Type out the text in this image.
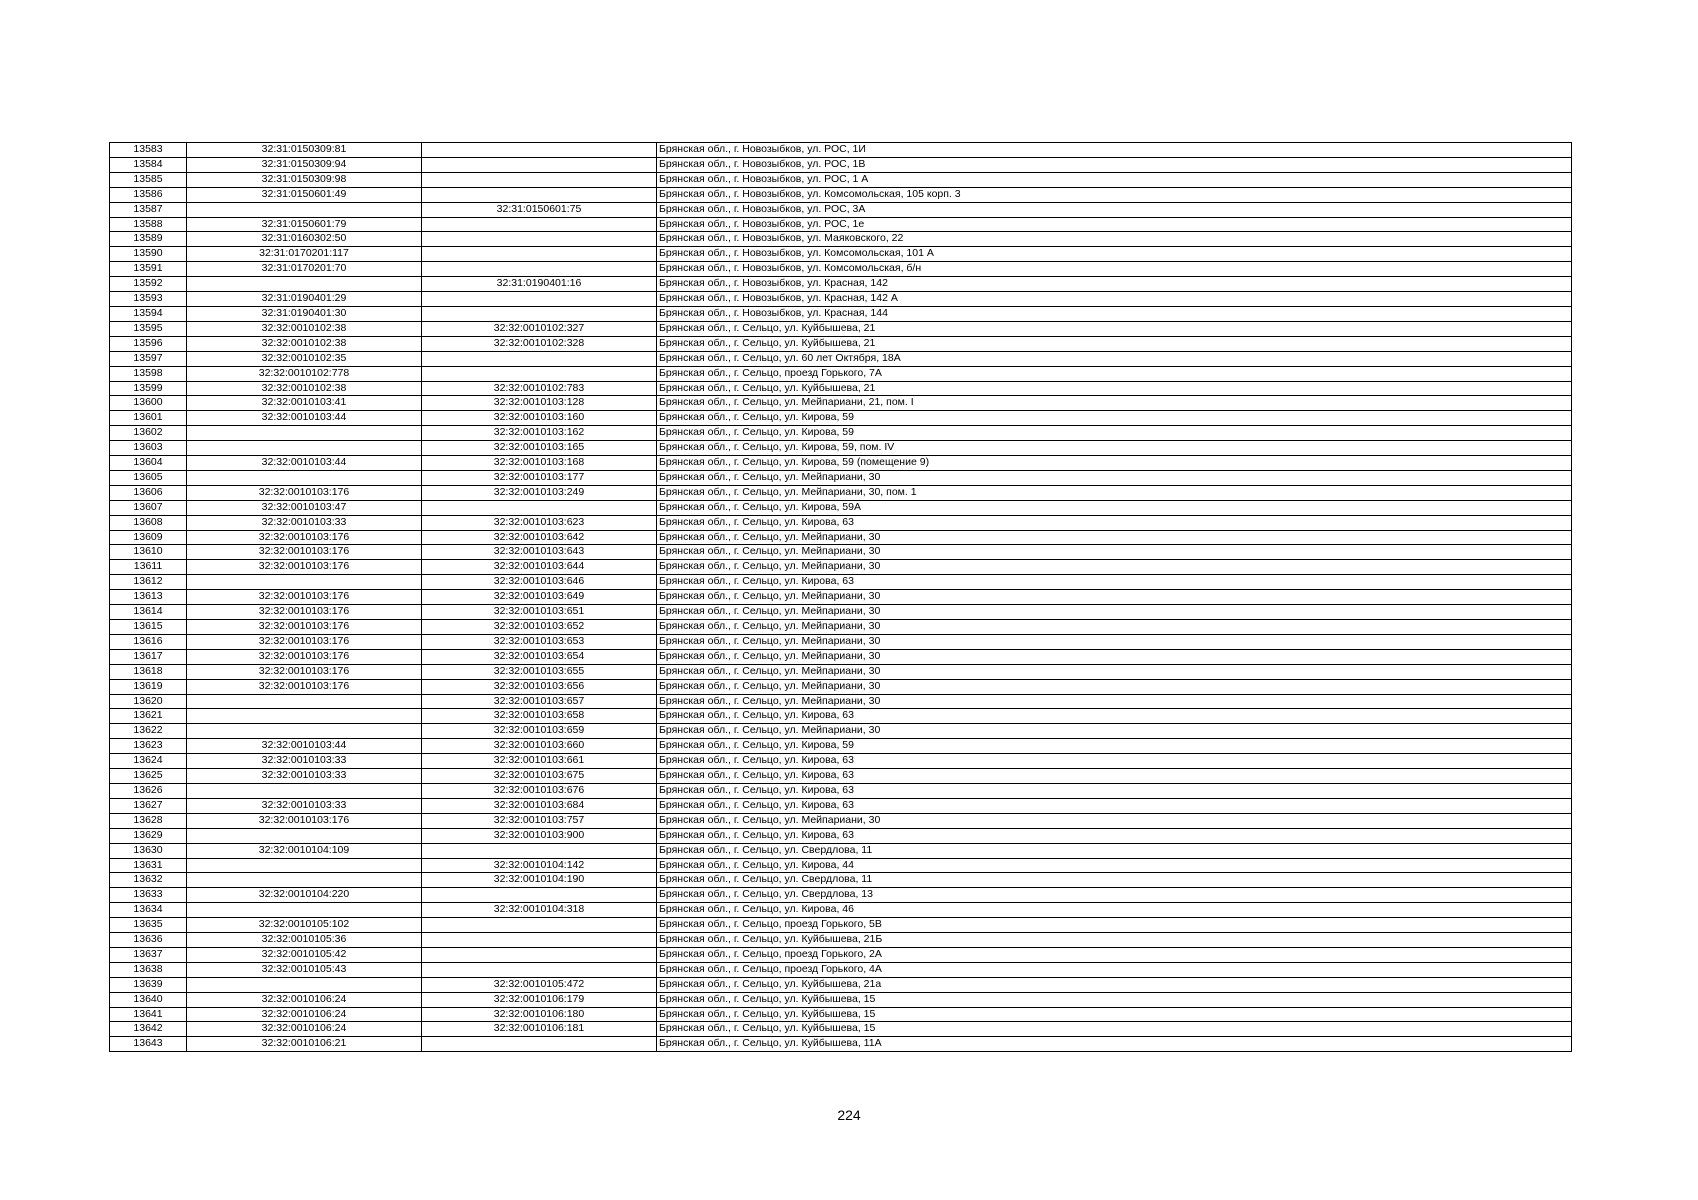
13583	32:31:0150309:81		Брянская обл., г. Новозыбков, ул. РОС, 1И
13584	32:31:0150309:94		Брянская обл., г. Новозыбков, ул. РОС, 1В
13585	32:31:0150309:98		Брянская обл., г. Новозыбков, ул. РОС, 1 А
13586	32:31:0150601:49		Брянская обл., г. Новозыбков, ул. Комсомольская, 105 корп. 3
13587		32:31:0150601:75	Брянская обл., г. Новозыбков, ул. РОС, 3А
13588	32:31:0150601:79		Брянская обл., г. Новозыбков, ул. РОС, 1е
13589	32:31:0160302:50		Брянская обл., г. Новозыбков, ул. Маяковского, 22
13590	32:31:0170201:117		Брянская обл., г. Новозыбков, ул. Комсомольская, 101 А
13591	32:31:0170201:70		Брянская обл., г. Новозыбков, ул. Комсомольская, б/н
13592		32:31:0190401:16	Брянская обл., г. Новозыбков, ул. Красная, 142
13593	32:31:0190401:29		Брянская обл., г. Новозыбков, ул. Красная, 142 А
13594	32:31:0190401:30		Брянская обл., г. Новозыбков, ул. Красная, 144
13595	32:32:0010102:38	32:32:0010102:327	Брянская обл., г. Сельцо, ул. Куйбышева, 21
13596	32:32:0010102:38	32:32:0010102:328	Брянская обл., г. Сельцо, ул. Куйбышева, 21
13597	32:32:0010102:35		Брянская обл., г. Сельцо, ул. 60 лет Октября, 18А
13598	32:32:0010102:778		Брянская обл., г. Сельцо, проезд Горького, 7А
13599	32:32:0010102:38	32:32:0010102:783	Брянская обл., г. Сельцо, ул. Куйбышева, 21
13600	32:32:0010103:41	32:32:0010103:128	Брянская обл., г. Сельцо, ул. Мейпариани, 21, пом. I
13601	32:32:0010103:44	32:32:0010103:160	Брянская обл., г. Сельцо, ул. Кирова, 59
13602		32:32:0010103:162	Брянская обл., г. Сельцо, ул. Кирова, 59
13603		32:32:0010103:165	Брянская обл., г. Сельцо, ул. Кирова, 59, пом. IV
13604	32:32:0010103:44	32:32:0010103:168	Брянская обл., г. Сельцо, ул. Кирова, 59 (помещение 9)
13605		32:32:0010103:177	Брянская обл., г. Сельцо, ул. Мейпариани, 30
13606	32:32:0010103:176	32:32:0010103:249	Брянская обл., г. Сельцо, ул. Мейпариани, 30, пом. 1
13607	32:32:0010103:47		Брянская обл., г. Сельцо, ул. Кирова, 59А
13608	32:32:0010103:33	32:32:0010103:623	Брянская обл., г. Сельцо, ул. Кирова, 63
13609	32:32:0010103:176	32:32:0010103:642	Брянская обл., г. Сельцо, ул. Мейпариани, 30
13610	32:32:0010103:176	32:32:0010103:643	Брянская обл., г. Сельцо, ул. Мейпариани, 30
13611	32:32:0010103:176	32:32:0010103:644	Брянская обл., г. Сельцо, ул. Мейпариани, 30
13612		32:32:0010103:646	Брянская обл., г. Сельцо, ул. Кирова, 63
13613	32:32:0010103:176	32:32:0010103:649	Брянская обл., г. Сельцо, ул. Мейпариани, 30
13614	32:32:0010103:176	32:32:0010103:651	Брянская обл., г. Сельцо, ул. Мейпариани, 30
13615	32:32:0010103:176	32:32:0010103:652	Брянская обл., г. Сельцо, ул. Мейпариани, 30
13616	32:32:0010103:176	32:32:0010103:653	Брянская обл., г. Сельцо, ул. Мейпариани, 30
13617	32:32:0010103:176	32:32:0010103:654	Брянская обл., г. Сельцо, ул. Мейпариани, 30
13618	32:32:0010103:176	32:32:0010103:655	Брянская обл., г. Сельцо, ул. Мейпариани, 30
13619	32:32:0010103:176	32:32:0010103:656	Брянская обл., г. Сельцо, ул. Мейпариани, 30
13620		32:32:0010103:657	Брянская обл., г. Сельцо, ул. Мейпариани, 30
13621		32:32:0010103:658	Брянская обл., г. Сельцо, ул. Кирова, 63
13622		32:32:0010103:659	Брянская обл., г. Сельцо, ул. Мейпариани, 30
13623	32:32:0010103:44	32:32:0010103:660	Брянская обл., г. Сельцо, ул. Кирова, 59
13624	32:32:0010103:33	32:32:0010103:661	Брянская обл., г. Сельцо, ул. Кирова, 63
13625	32:32:0010103:33	32:32:0010103:675	Брянская обл., г. Сельцо, ул. Кирова, 63
13626		32:32:0010103:676	Брянская обл., г. Сельцо, ул. Кирова, 63
13627	32:32:0010103:33	32:32:0010103:684	Брянская обл., г. Сельцо, ул. Кирова, 63
13628	32:32:0010103:176	32:32:0010103:757	Брянская обл., г. Сельцо, ул. Мейпариани, 30
13629		32:32:0010103:900	Брянская обл., г. Сельцо, ул. Кирова, 63
13630	32:32:0010104:109		Брянская обл., г. Сельцо, ул. Свердлова, 11
13631		32:32:0010104:142	Брянская обл., г. Сельцо, ул. Кирова, 44
13632		32:32:0010104:190	Брянская обл., г. Сельцо, ул. Свердлова, 11
13633	32:32:0010104:220		Брянская обл., г. Сельцо, ул. Свердлова, 13
13634		32:32:0010104:318	Брянская обл., г. Сельцо, ул. Кирова, 46
13635	32:32:0010105:102		Брянская обл., г. Сельцо, проезд Горького, 5В
13636	32:32:0010105:36		Брянская обл., г. Сельцо, ул. Куйбышева, 21Б
13637	32:32:0010105:42		Брянская обл., г. Сельцо, проезд Горького, 2А
13638	32:32:0010105:43		Брянская обл., г. Сельцо, проезд Горького, 4А
13639		32:32:0010105:472	Брянская обл., г. Сельцо, ул. Куйбышева, 21а
13640	32:32:0010106:24	32:32:0010106:179	Брянская обл., г. Сельцо, ул. Куйбышева, 15
13641	32:32:0010106:24	32:32:0010106:180	Брянская обл., г. Сельцо, ул. Куйбышева, 15
13642	32:32:0010106:24	32:32:0010106:181	Брянская обл., г. Сельцо, ул. Куйбышева, 15
13643	32:32:0010106:21		Брянская обл., г. Сельцо, ул. Куйбышева, 11А
224
